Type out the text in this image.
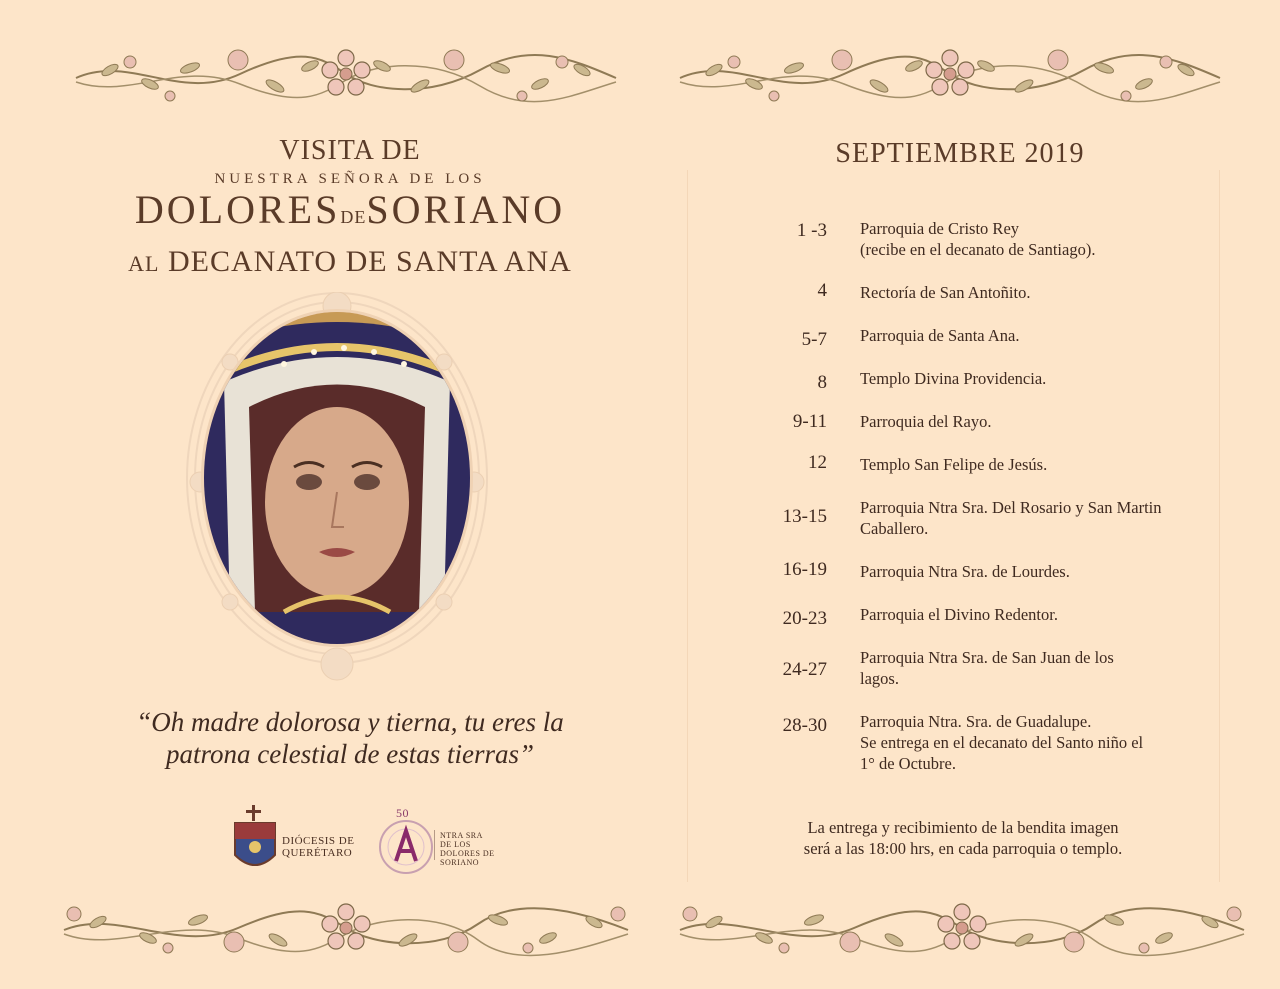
VISITA DE
NUESTRA SEÑORA DE LOS
DOLORESDESORIANO
AL DECANATO DE SANTA ANA
“Oh madre dolorosa y tierna, tu eres la
patrona celestial de estas tierras”
DIÓCESIS DE
QUERÉTARO
50
NTRA SRA DE LOS
DOLORES DE
SORIANO
SEPTIEMBRE 2019
1 -3 Parroquia de Cristo Rey
(recibe en el decanato de Santiago).
4 Rectoría de San Antoñito.
5-7 Parroquia de Santa Ana.
8 Templo Divina Providencia.
9-11 Parroquia del Rayo.
12 Templo San Felipe de Jesús.
13-15 Parroquia Ntra Sra. Del Rosario y San Martin
Caballero.
16-19 Parroquia Ntra Sra. de Lourdes.
20-23 Parroquia el Divino Redentor.
24-27
Parroquia Ntra Sra. de San Juan de los
lagos.
28-30 Parroquia Ntra. Sra. de Guadalupe.
Se entrega en el decanato del Santo niño el
1° de Octubre.
La entrega y recibimiento de la bendita imagen
será a las 18:00 hrs, en cada parroquia o templo.
